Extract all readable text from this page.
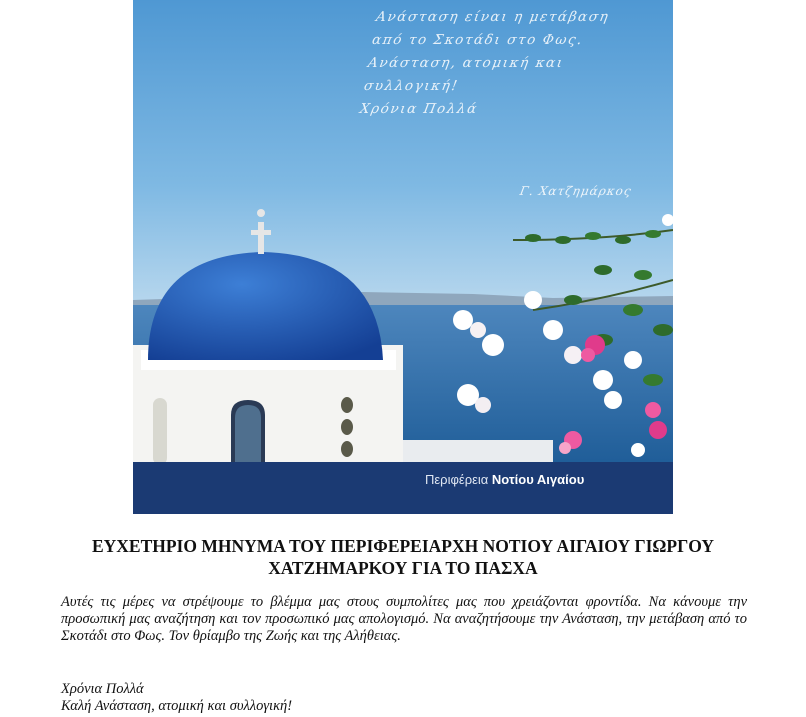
Ανάσταση είναι η μετάβαση
από το Σκοτάδι στο Φως.
Ανάσταση, ατομική και
συλλογική!
Χρόνια Πολλά
Γ. Χατζημάρκος
Περιφέρεια Νοτίου Αιγαίου
ΕΥΧΕΤΗΡΙΟ ΜΗΝΥΜΑ ΤΟΥ ΠΕΡΙΦΕΡΕΙΑΡΧΗ ΝΟΤΙΟΥ ΑΙΓΑΙΟΥ ΓΙΩΡΓΟΥ
ΧΑΤΖΗΜΑΡΚΟΥ ΓΙΑ ΤΟ ΠΑΣΧΑ

Αυτές τις μέρες να στρέψουμε το βλέμμα μας στους συμπολίτες μας που χρειάζονται φροντίδα. Να κάνουμε την προσωπική μας αναζήτηση και τον προσωπικό μας απολογισμό. Να αναζητήσουμε την Ανάσταση, την μετάβαση από το Σκοτάδι στο Φως. Τον θρίαμβο της Ζωής και της Αλήθειας.

Χρόνια Πολλά
Καλή Ανάσταση, ατομική και συλλογική!
